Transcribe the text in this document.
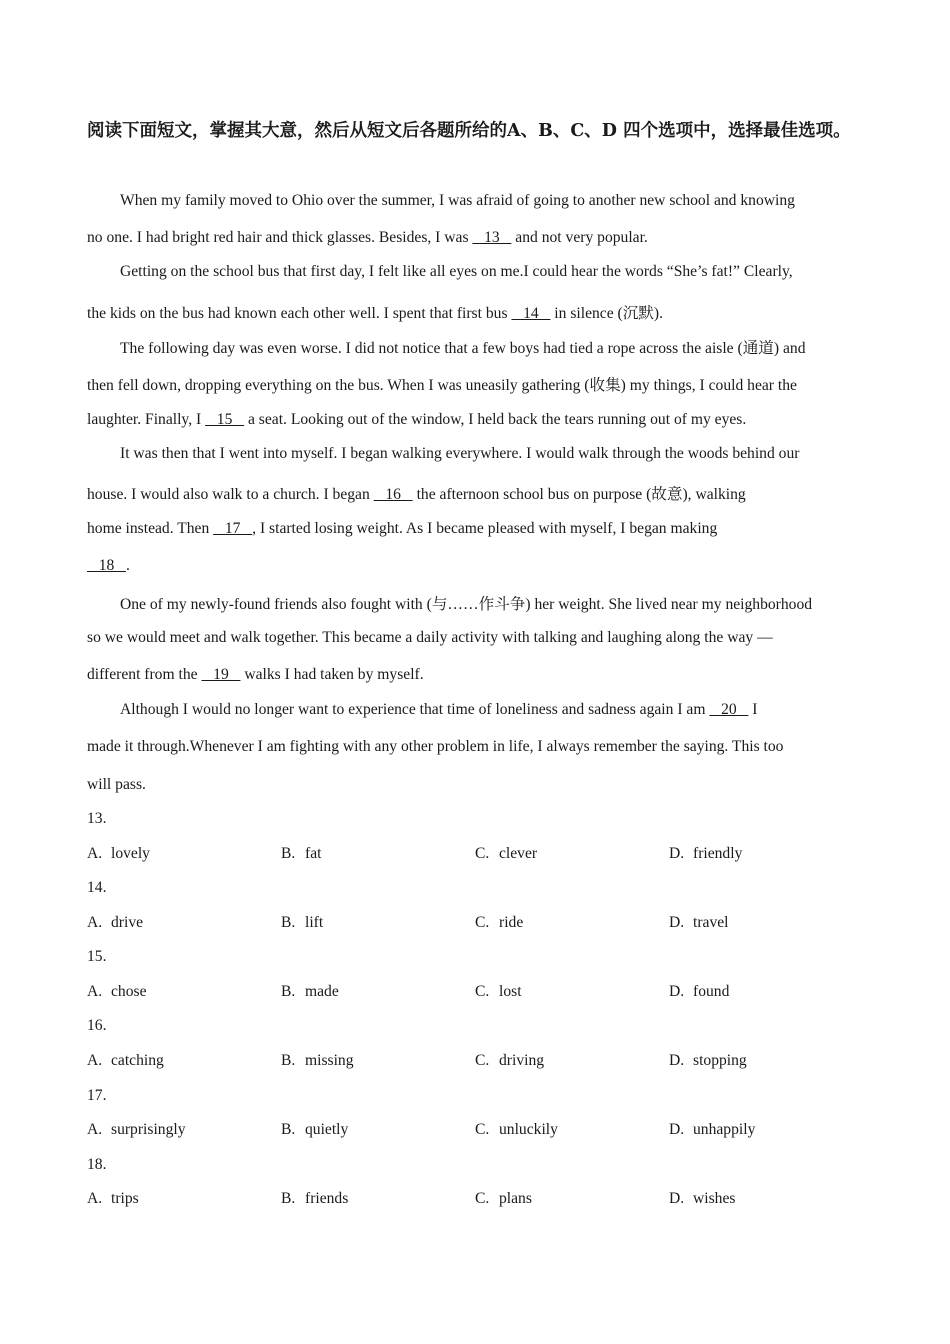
阅读下面短文，掌握其大意，然后从短文后各题所给的A、B、C、D 四个选项中，选择最佳选项。
When my family moved to Ohio over the summer, I was afraid of going to another new school and knowing
no one. I had bright red hair and thick glasses. Besides, I was    13    and not very popular.
Getting on the school bus that first day, I felt like all eyes on me.I could hear the words “She’s fat!” Clearly,
the kids on the bus had known each other well. I spent that first bus    14    in silence (沉默).
The following day was even worse. I did not notice that a few boys had tied a rope across the aisle (通道) and
then fell down, dropping everything on the bus. When I was uneasily gathering (收集) my things, I could hear the
laughter. Finally, I    15    a seat. Looking out of the window, I held back the tears running out of my eyes.
It was then that I went into myself. I began walking everywhere. I would walk through the woods behind our
house. I would also walk to a church. I began    16    the afternoon school bus on purpose (故意), walking
home instead. Then    17   , I started losing weight. As I became pleased with myself, I began making
18   .
One of my newly-found friends also fought with (与……作斗争) her weight. She lived near my neighborhood
so we would meet and walk together. This became a daily activity with talking and laughing along the way —
different from the    19    walks I had taken by myself.
Although I would no longer want to experience that time of loneliness and sadness again I am    20    I
made it through.Whenever I am fighting with any other problem in life, I always remember the saying. This too
will pass.
13.
A. lovely	B. fat	C. clever	D. friendly
14.
A. drive	B. lift	C. ride	D. travel
15.
A. chose	B. made	C. lost	D. found
16.
A. catching	B. missing	C. driving	D. stopping
17.
A. surprisingly	B. quietly	C. unluckily	D. unhappily
18.
A. trips	B. friends	C. plans	D. wishes
